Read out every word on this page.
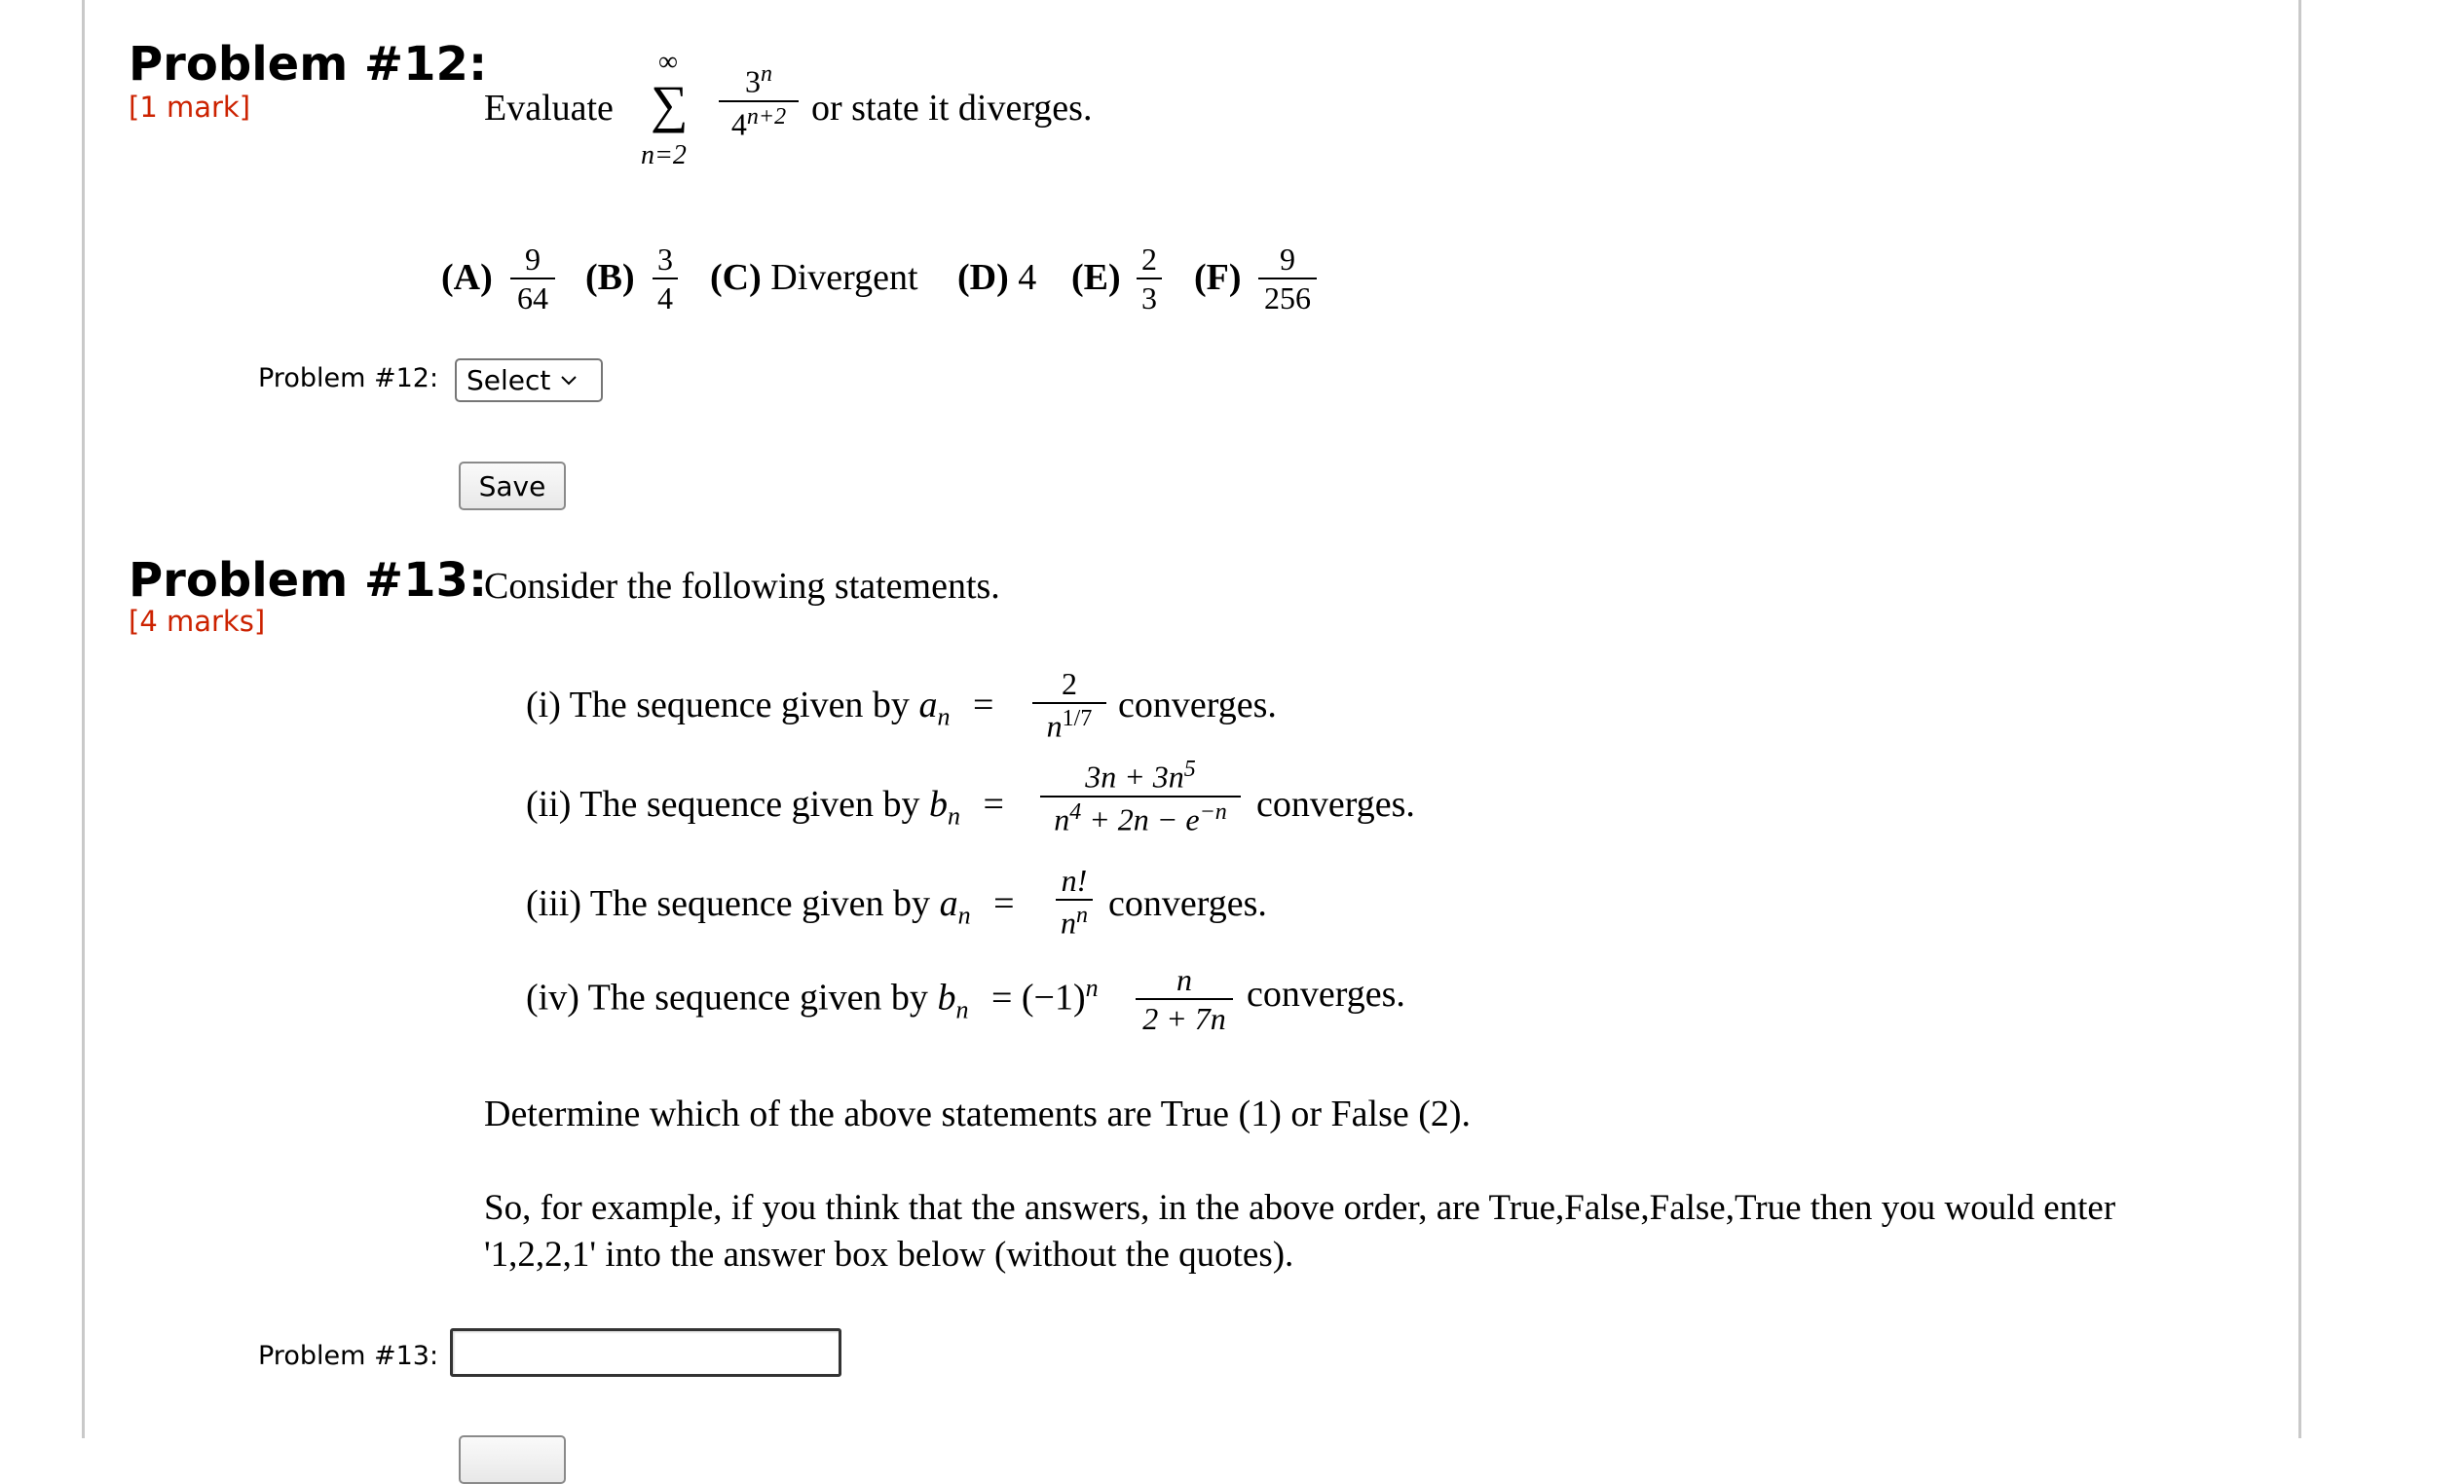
Problem #12:
[1 mark]	Evaluate
∞
∑
n=2
3$^n$
$4^{n+2}$ or state it diverges.
(A)	9
64 (B) 3
4 (C) Divergent (D) 4 (E) 2
3 (F)	9
256
Problem #12: Select
Save
Problem #13:
[4 marks]
Consider the following statements.
(i) The sequence given by $a_n$ =
2
$n^{1/7}$ converges.
(ii) The sequence given by $b_n$ =
$3n + 3n^5$
$n^4 + 2n - e^{-n}$ converges.
(iii) The sequence given by $a_n$ =
n!
$n^n$ converges.
(iv) The sequence given by $b_n = (-1)^n$	n
2 + 7n
converges.
Determine which of the above statements are True (1) or False (2).
So, for example, if you think that the answers, in the above order, are True,False,False,True then you would enter
'1,2,2,1' into the answer box below (without the quotes).
Problem #13:
